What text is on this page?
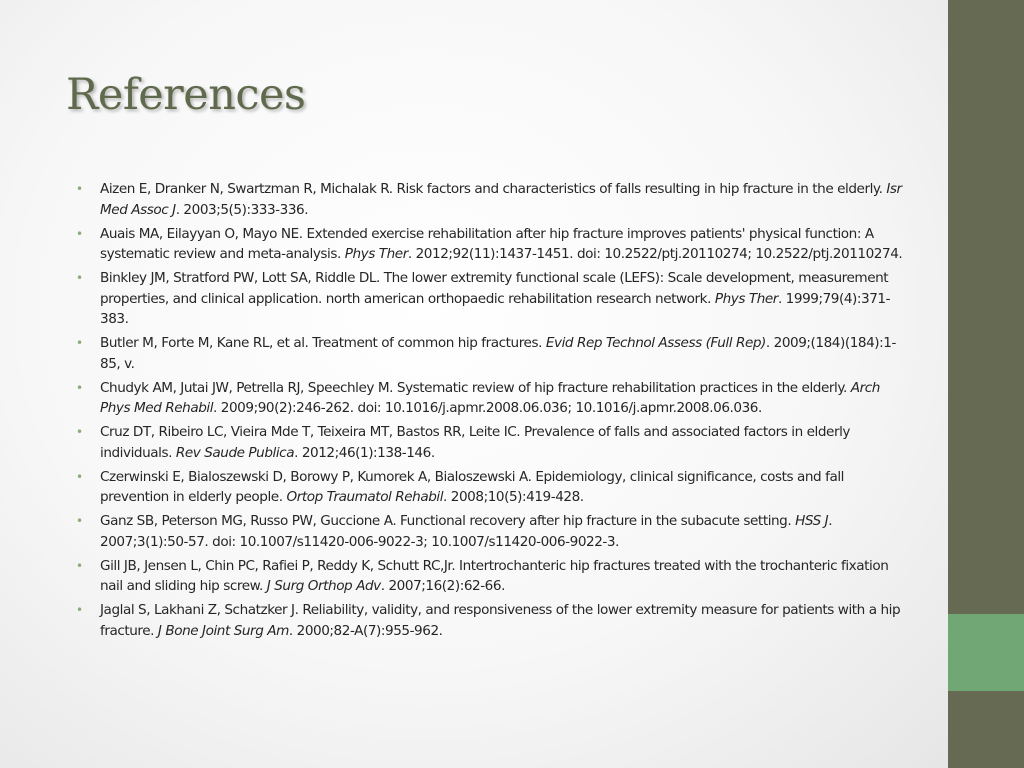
References
• Aizen E, Dranker N, Swartzman R, Michalak R. Risk factors and characteristics of falls resulting in hip fracture in the elderly. Isr Med Assoc J. 2003;5(5):333-336.
• Auais MA, Eilayyan O, Mayo NE. Extended exercise rehabilitation after hip fracture improves patients' physical function: A systematic review and meta-analysis. Phys Ther. 2012;92(11):1437-1451. doi: 10.2522/ptj.20110274; 10.2522/ptj.20110274.
• Binkley JM, Stratford PW, Lott SA, Riddle DL. The lower extremity functional scale (LEFS): Scale development, measurement properties, and clinical application. north american orthopaedic rehabilitation research network. Phys Ther. 1999;79(4):371-383.
• Butler M, Forte M, Kane RL, et al. Treatment of common hip fractures. Evid Rep Technol Assess (Full Rep). 2009;(184)(184):1-85, v.
• Chudyk AM, Jutai JW, Petrella RJ, Speechley M. Systematic review of hip fracture rehabilitation practices in the elderly. Arch Phys Med Rehabil. 2009;90(2):246-262. doi: 10.1016/j.apmr.2008.06.036; 10.1016/j.apmr.2008.06.036.
• Cruz DT, Ribeiro LC, Vieira Mde T, Teixeira MT, Bastos RR, Leite IC. Prevalence of falls and associated factors in elderly individuals. Rev Saude Publica. 2012;46(1):138-146.
• Czerwinski E, Bialoszewski D, Borowy P, Kumorek A, Bialoszewski A. Epidemiology, clinical significance, costs and fall prevention in elderly people. Ortop Traumatol Rehabil. 2008;10(5):419-428.
• Ganz SB, Peterson MG, Russo PW, Guccione A. Functional recovery after hip fracture in the subacute setting. HSS J. 2007;3(1):50-57. doi: 10.1007/s11420-006-9022-3; 10.1007/s11420-006-9022-3.
• Gill JB, Jensen L, Chin PC, Rafiei P, Reddy K, Schutt RC,Jr. Intertrochanteric hip fractures treated with the trochanteric fixation nail and sliding hip screw. J Surg Orthop Adv. 2007;16(2):62-66.
• Jaglal S, Lakhani Z, Schatzker J. Reliability, validity, and responsiveness of the lower extremity measure for patients with a hip fracture. J Bone Joint Surg Am. 2000;82-A(7):955-962.
